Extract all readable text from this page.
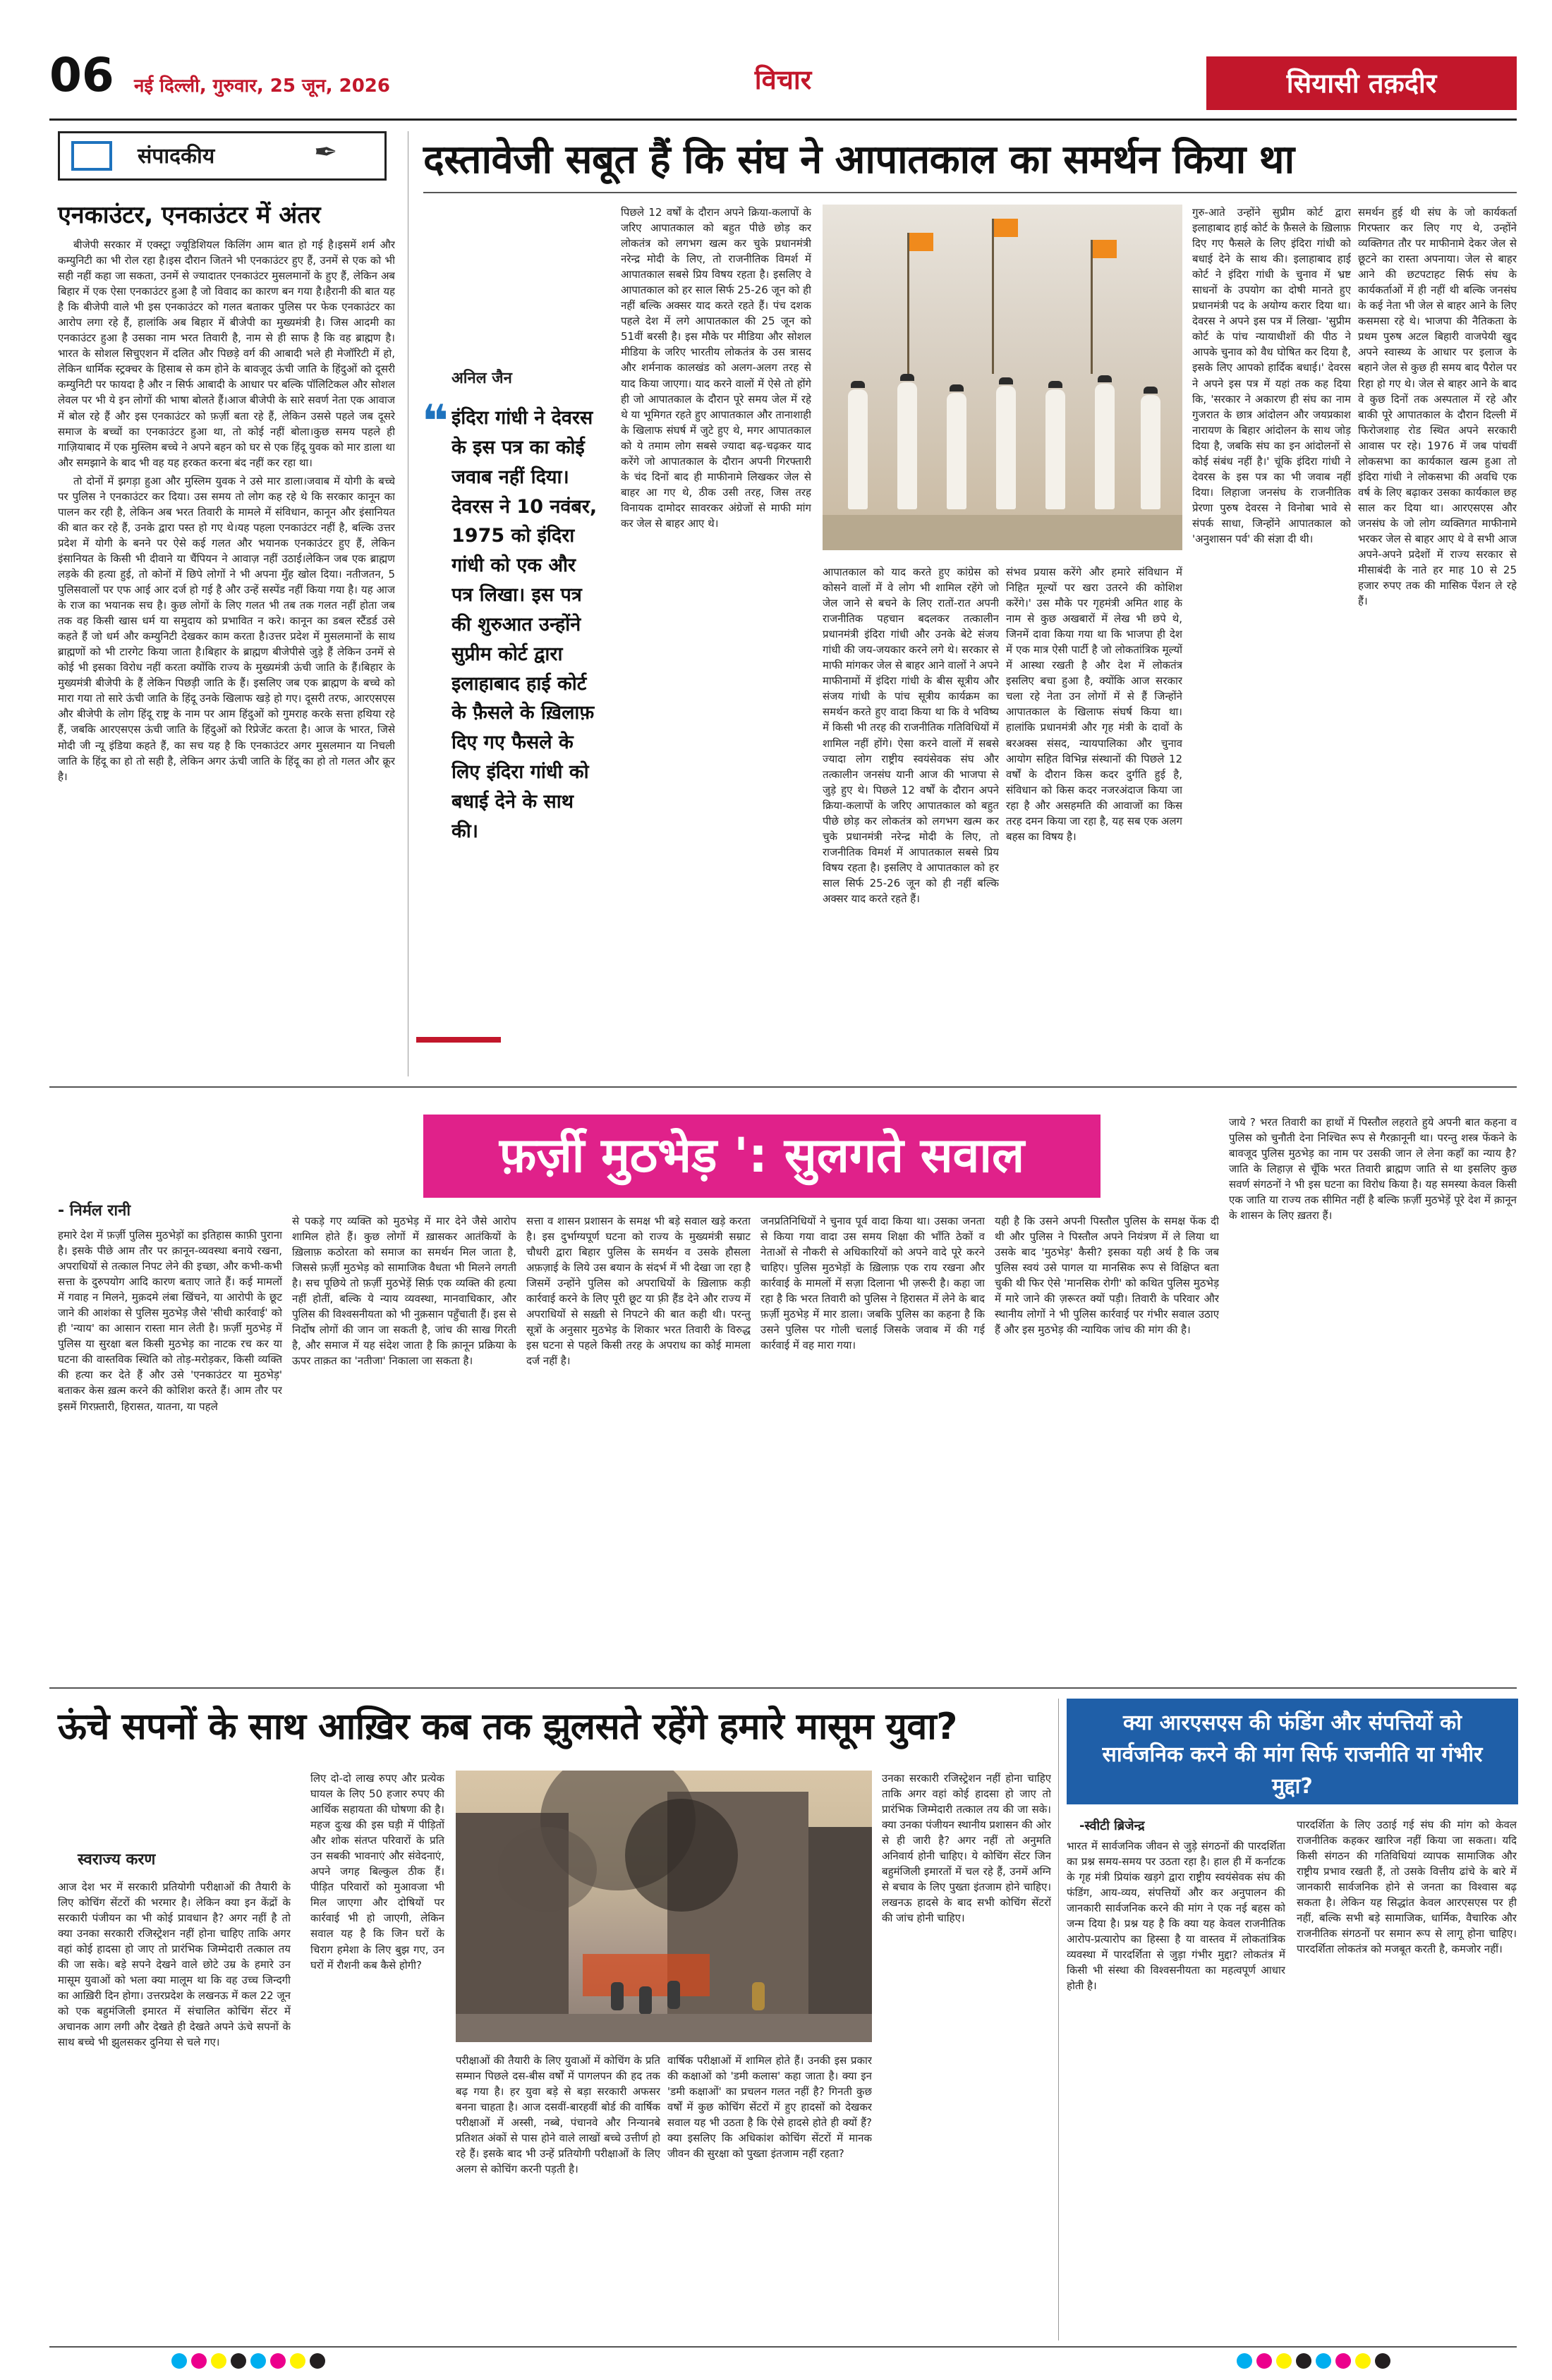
06 नई दिल्ली, गुरुवार, 25 जून, 2026	विचार	सियासी तक़दीर
संपादकीय	✒
एनकाउंटर, एनकाउंटर में अंतर

बीजेपी सरकार में एक्स्ट्रा ज्यूडिशियल किलिंग आम बात हो गई है।इसमें शर्म और कम्युनिटी का भी रोल रहा है।इस दौरान जितने भी एनकाउंटर हुए हैं, उनमें से एक को भी सही नहीं कहा जा सकता, उनमें से ज्यादातर एनकाउंटर मुसलमानों के हुए हैं, लेकिन अब बिहार में एक ऐसा एनकाउंटर हुआ है जो विवाद का कारण बन गया है।हैरानी की बात यह है कि बीजेपी वाले भी इस एनकाउंटर को गलत बताकर पुलिस पर फेक एनकाउंटर का आरोप लगा रहे हैं, हालांकि अब बिहार में बीजेपी का मुख्यमंत्री है। जिस आदमी का एनकाउंटर हुआ है उसका नाम भरत तिवारी है, नाम से ही साफ है कि वह ब्राह्मण है। भारत के सोशल सिचुएशन में दलित और पिछड़े वर्ग की आबादी भले ही मेजॉरिटी में हो, लेकिन धार्मिक स्ट्रक्चर के हिसाब से कम होने के बावजूद ऊंची जाति के हिंदुओं को दूसरी कम्युनिटी पर फायदा है और न सिर्फ आबादी के आधार पर बल्कि पॉलिटिकल और सोशल लेवल पर भी ये इन लोगों की भाषा बोलते हैं।आज बीजेपी के सारे सवर्ण नेता एक आवाज में बोल रहे हैं और इस एनकाउंटर को फ़र्ज़ी बता रहे हैं, लेकिन उससे पहले जब दूसरे समाज के बच्चों का एनकाउंटर हुआ था, तो कोई नहीं बोला।कुछ समय पहले ही गाज़ियाबाद में एक मुस्लिम बच्चे ने अपने बहन को घर से एक हिंदू युवक को मार डाला था और समझाने के बाद भी वह यह हरकत करना बंद नहीं कर रहा था।

तो दोनों में झगड़ा हुआ और मुस्लिम युवक ने उसे मार डाला।जवाब में योगी के बच्चे पर पुलिस ने एनकाउंटर कर दिया। उस समय तो लोग कह रहे थे कि सरकार कानून का पालन कर रही है, लेकिन अब भरत तिवारी के मामले में संविधान, कानून और इंसानियत की बात कर रहे हैं, उनके द्वारा पस्त हो गए थे।यह पहला एनकाउंटर नहीं है, बल्कि उत्तर प्रदेश में योगी के बनने पर ऐसे कई गलत और भयानक एनकाउंटर हुए हैं, लेकिन इंसानियत के किसी भी दीवाने या चैंपियन ने आवाज़ नहीं उठाई।लेकिन जब एक ब्राह्मण लड़के की हत्या हुई, तो कोनों में छिपे लोगों ने भी अपना मुँह खोल दिया। नतीजतन, 5 पुलिसवालों पर एफ आई आर दर्ज हो गई है और उन्हें सस्पेंड नहीं किया गया है। यह आज के राज का भयानक सच है। कुछ लोगों के लिए गलत भी तब तक गलत नहीं होता जब तक वह किसी खास धर्म या समुदाय को प्रभावित न करे। कानून का डबल स्टैंडर्ड उसे कहते हैं जो धर्म और कम्युनिटी देखकर काम करता है।उत्तर प्रदेश में मुसलमानों के साथ ब्राह्मणों को भी टारगेट किया जाता है।बिहार के ब्राह्मण बीजेपीसे जुड़े हैं लेकिन उनमें से कोई भी इसका विरोध नहीं करता क्योंकि राज्य के मुख्यमंत्री ऊंची जाति के हैं।बिहार के मुख्यमंत्री बीजेपी के हैं लेकिन पिछड़ी जाति के हैं। इसलिए जब एक ब्राह्मण के बच्चे को मारा गया तो सारे ऊंची जाति के हिंदू उनके खिलाफ खड़े हो गए। दूसरी तरफ, आरएसएस और बीजेपी के लोग हिंदू राष्ट्र के नाम पर आम हिंदुओं को गुमराह करके सत्ता हथिया रहे हैं, जबकि आरएसएस ऊंची जाति के हिंदुओं को रिप्रेजेंट करता है। आज के भारत, जिसे मोदी जी न्यू इंडिया कहते हैं, का सच यह है कि एनकाउंटर अगर मुसलमान या निचली जाति के हिंदू का हो तो सही है, लेकिन अगर ऊंची जाति के हिंदू का हो तो गलत और क्रूर है।

दस्तावेजी सबूत हैं कि संघ ने आपातकाल का समर्थन किया था
अनिल जैन
❝ इंदिरा गांधी ने देवरस के इस पत्र का कोई जवाब नहीं दिया। देवरस ने 10 नवंबर, 1975 को इंदिरा गांधी को एक और पत्र लिखा। इस पत्र की शुरुआत उन्होंने सुप्रीम कोर्ट द्वारा इलाहाबाद हाई कोर्ट के फ़ैसले के ख़िलाफ़ दिए गए फैसले के लिए इंदिरा गांधी को बधाई देने के साथ की।
पिछले 12 वर्षों के दौरान अपने क्रिया-कलापों के जरिए आपातकाल को बहुत पीछे छोड़ कर लोकतंत्र को लगभग खत्म कर चुके प्रधानमंत्री नरेन्द्र मोदी के लिए, तो राजनीतिक विमर्श में आपातकाल सबसे प्रिय विषय रहता है। इसलिए वे आपातकाल को हर साल सिर्फ 25-26 जून को ही नहीं बल्कि अक्सर याद करते रहते हैं। पंच दशक पहले देश में लगे आपातकाल की 25 जून को 51वीं बरसी है। इस मौके पर मीडिया और सोशल मीडिया के जरिए भारतीय लोकतंत्र के उस त्रासद और शर्मनाक कालखंड को अलग-अलग तरह से याद किया जाएगा। याद करने वालों में ऐसे तो होंगे ही जो आपातकाल के दौरान पूरे समय जेल में रहे थे या भूमिगत रहते हुए आपातकाल और तानाशाही के खिलाफ संघर्ष में जुटे हुए थे, मगर आपातकाल को ये तमाम लोग सबसे ज्यादा बढ़-चढ़कर याद करेंगे जो आपातकाल के दौरान अपनी गिरफ्तारी के चंद दिनों बाद ही माफीनामे लिखकर जेल से बाहर आ गए थे, ठीक उसी तरह, जिस तरह विनायक दामोदर सावरकर अंग्रेजों से माफी मांग कर जेल से बाहर आए थे।
आपातकाल को याद करते हुए कांग्रेस को कोसने वालों में वे लोग भी शामिल रहेंगे जो जेल जाने से बचने के लिए रातों-रात अपनी राजनीतिक पहचान बदलकर तत्कालीन प्रधानमंत्री इंदिरा गांधी और उनके बेटे संजय गांधी की जय-जयकार करने लगे थे। सरकार से माफी मांगकर जेल से बाहर आने वालों ने अपने माफीनामों में इंदिरा गांधी के बीस सूत्रीय और संजय गांधी के पांच सूत्रीय कार्यक्रम का समर्थन करते हुए वादा किया था कि वे भविष्य में किसी भी तरह की राजनीतिक गतिविधियों में शामिल नहीं होंगे। ऐसा करने वालों में सबसे ज्यादा लोग राष्ट्रीय स्वयंसेवक संघ और तत्कालीन जनसंघ यानी आज की भाजपा से जुड़े हुए थे। पिछले 12 वर्षों के दौरान अपने क्रिया-कलापों के जरिए आपातकाल को बहुत पीछे छोड़ कर लोकतंत्र को लगभग खत्म कर चुके प्रधानमंत्री नरेन्द्र मोदी के लिए, तो राजनीतिक विमर्श में आपातकाल सबसे प्रिय विषय रहता है। इसलिए वे आपातकाल को हर साल सिर्फ 25-26 जून को ही नहीं बल्कि अक्सर याद करते रहते हैं।
संभव प्रयास करेंगे और हमारे संविधान में निहित मूल्यों पर खरा उतरने की कोशिश करेंगे।' उस मौके पर गृहमंत्री अमित शाह के नाम से कुछ अखबारों में लेख भी छपे थे, जिनमें दावा किया गया था कि भाजपा ही देश में एक मात्र ऐसी पार्टी है जो लोकतांत्रिक मूल्यों में आस्था रखती है और देश में लोकतंत्र इसलिए बचा हुआ है, क्योंकि आज सरकार चला रहे नेता उन लोगों में से हैं जिन्होंने आपातकाल के खिलाफ संघर्ष किया था। हालांकि प्रधानमंत्री और गृह मंत्री के दावों के बरअक्स संसद, न्यायपालिका और चुनाव आयोग सहित विभिन्न संस्थानों की पिछले 12 वर्षों के दौरान किस कदर दुर्गति हुई है, संविधान को किस कदर नजरअंदाज किया जा रहा है और असहमति की आवाजों का किस तरह दमन किया जा रहा है, यह सब एक अलग बहस का विषय है।
गुरु-आते उन्होंने सुप्रीम कोर्ट द्वारा इलाहाबाद हाई कोर्ट के फ़ैसले के ख़िलाफ़ दिए गए फैसले के लिए इंदिरा गांधी को बधाई देने के साथ की। इलाहाबाद हाई कोर्ट ने इंदिरा गांधी के चुनाव में भ्रष्ट साधनों के उपयोग का दोषी मानते हुए प्रधानमंत्री पद के अयोग्य करार दिया था। देवरस ने अपने इस पत्र में लिखा- 'सुप्रीम कोर्ट के पांच न्यायाधीशों की पीठ ने आपके चुनाव को वैध घोषित कर दिया है, इसके लिए आपको हार्दिक बधाई।' देवरस ने अपने इस पत्र में यहां तक कह दिया कि, 'सरकार ने अकारण ही संघ का नाम गुजरात के छात्र आंदोलन और जयप्रकाश नारायण के बिहार आंदोलन के साथ जोड़ दिया है, जबकि संघ का इन आंदोलनों से कोई संबंध नहीं है।' चूंकि इंदिरा गांधी ने देवरस के इस पत्र का भी जवाब नहीं दिया। लिहाजा जनसंघ के राजनीतिक प्रेरणा पुरुष देवरस ने विनोबा भावे से संपर्क साधा, जिन्होंने आपातकाल को 'अनुशासन पर्व' की संज्ञा दी थी।
समर्थन हुई थी संघ के जो कार्यकर्ता गिरफ्तार कर लिए गए थे, उन्होंने व्यक्तिगत तौर पर माफीनामे देकर जेल से छूटने का रास्ता अपनाया। जेल से बाहर आने की छटपटाहट सिर्फ संघ के कार्यकर्ताओं में ही नहीं थी बल्कि जनसंघ के कई नेता भी जेल से बाहर आने के लिए कसमसा रहे थे। भाजपा की नैतिकता के प्रथम पुरुष अटल बिहारी वाजपेयी खुद अपने स्वास्थ्य के आधार पर इलाज के बहाने जेल से कुछ ही समय बाद पैरोल पर रिहा हो गए थे। जेल से बाहर आने के बाद वे कुछ दिनों तक अस्पताल में रहे और बाकी पूरे आपातकाल के दौरान दिल्ली में फिरोजशाह रोड स्थित अपने सरकारी आवास पर रहे। 1976 में जब पांचवीं लोकसभा का कार्यकाल खत्म हुआ तो इंदिरा गांधी ने लोकसभा की अवधि एक वर्ष के लिए बढ़ाकर उसका कार्यकाल छह साल कर दिया था। आरएसएस और जनसंघ के जो लोग व्यक्तिगत माफीनामे भरकर जेल से बाहर आए थे वे सभी आज अपने-अपने प्रदेशों में राज्य सरकार से मीसाबंदी के नाते हर माह 10 से 25 हजार रुपए तक की मासिक पेंशन ले रहे हैं।
फ़र्ज़ी मुठभेड़ ': सुलगते सवाल
- निर्मल रानी
हमारे देश में फ़र्ज़ी पुलिस मुठभेड़ों का इतिहास काफ़ी पुराना है। इसके पीछे आम तौर पर क़ानून-व्यवस्था बनाये रखना, अपराधियों से तत्काल निपट लेने की इच्छा, और कभी-कभी सत्ता के दुरुपयोग आदि कारण बताए जाते हैं। कई मामलों में गवाह न मिलने, मुक़दमे लंबा खिंचने, या आरोपी के छूट जाने की आशंका से पुलिस मुठभेड़ जैसे 'सीधी कार्रवाई' को ही 'न्याय' का आसान रास्ता मान लेती है। फ़र्ज़ी मुठभेड़ में पुलिस या सुरक्षा बल किसी मुठभेड़ का नाटक रच कर या घटना की वास्तविक स्थिति को तोड़-मरोड़कर, किसी व्यक्ति की हत्या कर देते हैं और उसे 'एनकाउंटर या मुठभेड़' बताकर केस ख़त्म करने की कोशिश करते हैं। आम तौर पर इसमें गिरफ़्तारी, हिरासत, यातना, या पहले
से पकड़े गए व्यक्ति को मुठभेड़ में मार देने जैसे आरोप शामिल होते हैं। कुछ लोगों में ख़ासकर आतंकियों के ख़िलाफ़ कठोरता को समाज का समर्थन मिल जाता है, जिससे फ़र्ज़ी मुठभेड़ को सामाजिक वैधता भी मिलने लगती है। सच पूछिये तो फ़र्ज़ी मुठभेड़ें सिर्फ़ एक व्यक्ति की हत्या नहीं होतीं, बल्कि ये न्याय व्यवस्था, मानवाधिकार, और पुलिस की विश्वसनीयता को भी नुक़सान पहुँचाती हैं। इस से निर्दोष लोगों की जान जा सकती है, जांच की साख गिरती है, और समाज में यह संदेश जाता है कि क़ानून प्रक्रिया के ऊपर ताक़त का 'नतीजा' निकाला जा सकता है।
सत्ता व शासन प्रशासन के समक्ष भी बड़े सवाल खड़े करता है। इस दुर्भाग्यपूर्ण घटना को राज्य के मुख्यमंत्री सम्राट चौधरी द्वारा बिहार पुलिस के समर्थन व उसके हौसला अफ़ज़ाई के लिये उस बयान के संदर्भ में भी देखा जा रहा है जिसमें उन्होंने पुलिस को अपराधियों के ख़िलाफ़ कड़ी कार्रवाई करने के लिए पूरी छूट या फ़्री हैंड देने और राज्य में अपराधियों से सख़्ती से निपटने की बात कही थी। परन्तु सूत्रों के अनुसार मुठभेड़ के शिकार भरत तिवारी के विरुद्ध इस घटना से पहले किसी तरह के अपराध का कोई मामला दर्ज नहीं है।
जनप्रतिनिधियों ने चुनाव पूर्व वादा किया था। उसका जनता से किया गया वादा उस समय शिक्षा की भाँति ठेकों व नेताओं से नौकरी से अधिकारियों को अपने वादे पूरे करने चाहिए। पुलिस मुठभेड़ों के ख़िलाफ़ एक राय रखना और कार्रवाई के मामलों में सज़ा दिलाना भी ज़रूरी है। कहा जा रहा है कि भरत तिवारी को पुलिस ने हिरासत में लेने के बाद फ़र्ज़ी मुठभेड़ में मार डाला। जबकि पुलिस का कहना है कि उसने पुलिस पर गोली चलाई जिसके जवाब में की गई कार्रवाई में वह मारा गया।
यही है कि उसने अपनी पिस्तौल पुलिस के समक्ष फेंक दी थी और पुलिस ने पिस्तौल अपने नियंत्रण में ले लिया था उसके बाद 'मुठभेड़' कैसी? इसका यही अर्थ है कि जब पुलिस स्वयं उसे पागल या मानसिक रूप से विक्षिप्त बता चुकी थी फिर ऐसे 'मानसिक रोगी' को कथित पुलिस मुठभेड़ में मारे जाने की ज़रूरत क्यों पड़ी। तिवारी के परिवार और स्थानीय लोगों ने भी पुलिस कार्रवाई पर गंभीर सवाल उठाए हैं और इस मुठभेड़ की न्यायिक जांच की मांग की है।
जाये ? भरत तिवारी का हाथों में पिस्तौल लहराते हुये अपनी बात कहना व पुलिस को चुनौती देना निश्चित रूप से गैरक़ानूनी था। परन्तु शस्त्र फेंकने के बावजूद पुलिस मुठभेड़ का नाम पर उसकी जान ले लेना कहाँ का न्याय है? जाति के लिहाज़ से चूँकि भरत तिवारी ब्राह्मण जाति से था इसलिए कुछ सवर्ण संगठनों ने भी इस घटना का विरोध किया है। यह समस्या केवल किसी एक जाति या राज्य तक सीमित नहीं है बल्कि फ़र्ज़ी मुठभेड़ें पूरे देश में क़ानून के शासन के लिए ख़तरा हैं।
ऊंचे सपनों के साथ आख़िर कब तक झुलसते रहेंगे हमारे मासूम युवा?
स्वराज्य करण
आज देश भर में सरकारी प्रतियोगी परीक्षाओं की तैयारी के लिए कोचिंग सेंटरों की भरमार है। लेकिन क्या इन केंद्रों के सरकारी पंजीयन का भी कोई प्रावधान है? अगर नहीं है तो क्या उनका सरकारी रजिस्ट्रेशन नहीं होना चाहिए ताकि अगर वहां कोई हादसा हो जाए तो प्रारंभिक जिम्मेदारी तत्काल तय की जा सके। बड़े सपने देखने वाले छोटे उम्र के हमारे उन मासूम युवाओं को भला क्या मालूम था कि वह उच्च जिन्दगी का आख़िरी दिन होगा। उत्तरप्रदेश के लखनऊ में कल 22 जून को एक बहुमंजिली इमारत में संचालित कोचिंग सेंटर में अचानक आग लगी और देखते ही देखते अपने ऊंचे सपनों के साथ बच्चे भी झुलसकर दुनिया से चले गए।
लिए दो-दो लाख रुपए और प्रत्येक घायल के लिए 50 हजार रुपए की आर्थिक सहायता की घोषणा की है। महज दुःख की इस घड़ी में पीड़ितों और शोक संतप्त परिवारों के प्रति उन सबकी भावनाएं और संवेदनाएं, अपने जगह बिल्कुल ठीक हैं। पीड़ित परिवारों को मुआवजा भी मिल जाएगा और दोषियों पर कार्रवाई भी हो जाएगी, लेकिन सवाल यह है कि जिन घरों के चिराग हमेशा के लिए बुझ गए, उन घरों में रौशनी कब कैसे होगी?
परीक्षाओं की तैयारी के लिए युवाओं में कोचिंग के प्रति सम्मान पिछले दस-बीस वर्षों में पागलपन की हद तक बढ़ गया है। हर युवा बड़े से बड़ा सरकारी अफसर बनना चाहता है। आज दसवीं-बारहवीं बोर्ड की वार्षिक परीक्षाओं में अस्सी, नब्बे, पंचानवे और निन्यानबे प्रतिशत अंकों से पास होने वाले लाखों बच्चे उत्तीर्ण हो रहे हैं। इसके बाद भी उन्हें प्रतियोगी परीक्षाओं के लिए अलग से कोचिंग करनी पड़ती है।
वार्षिक परीक्षाओं में शामिल होते हैं। उनकी इस प्रकार की कक्षाओं को 'डमी कलास' कहा जाता है। क्या इन 'डमी कक्षाओं' का प्रचलन गलत नहीं है? गिनती कुछ वर्षों में कुछ कोचिंग सेंटरों में हुए हादसों को देखकर सवाल यह भी उठता है कि ऐसे हादसे होते ही क्यों हैं? क्या इसलिए कि अधिकांश कोचिंग सेंटरों में मानक जीवन की सुरक्षा को पुख्ता इंतजाम नहीं रहता?
उनका सरकारी रजिस्ट्रेशन नहीं होना चाहिए ताकि अगर वहां कोई हादसा हो जाए तो प्रारंभिक जिम्मेदारी तत्काल तय की जा सके। क्या उनका पंजीयन स्थानीय प्रशासन की ओर से ही जारी है? अगर नहीं तो अनुमति अनिवार्य होनी चाहिए। ये कोचिंग सेंटर जिन बहुमंजिली इमारतों में चल रहे हैं, उनमें अग्नि से बचाव के लिए पुख्ता इंतजाम होने चाहिए। लखनऊ हादसे के बाद सभी कोचिंग सेंटरों की जांच होनी चाहिए।
क्या आरएसएस की फंडिंग और संपत्तियों को सार्वजनिक करने की मांग सिर्फ राजनीति या गंभीर मुद्दा?
-स्वीटी ब्रिजेन्द्र
भारत में सार्वजनिक जीवन से जुड़े संगठनों की पारदर्शिता का प्रश्न समय-समय पर उठता रहा है। हाल ही में कर्नाटक के गृह मंत्री प्रियांक खड़गे द्वारा राष्ट्रीय स्वयंसेवक संघ की फंडिंग, आय-व्यय, संपत्तियों और कर अनुपालन की जानकारी सार्वजनिक करने की मांग ने एक नई बहस को जन्म दिया है। प्रश्न यह है कि क्या यह केवल राजनीतिक आरोप-प्रत्यारोप का हिस्सा है या वास्तव में लोकतांत्रिक व्यवस्था में पारदर्शिता से जुड़ा गंभीर मुद्दा? लोकतंत्र में किसी भी संस्था की विश्वसनीयता का महत्वपूर्ण आधार होती है।
पारदर्शिता के लिए उठाई गई संघ की मांग को केवल राजनीतिक कहकर खारिज नहीं किया जा सकता। यदि किसी संगठन की गतिविधियां व्यापक सामाजिक और राष्ट्रीय प्रभाव रखती हैं, तो उसके वित्तीय ढांचे के बारे में जानकारी सार्वजनिक होने से जनता का विश्वास बढ़ सकता है। लेकिन यह सिद्धांत केवल आरएसएस पर ही नहीं, बल्कि सभी बड़े सामाजिक, धार्मिक, वैचारिक और राजनीतिक संगठनों पर समान रूप से लागू होना चाहिए। पारदर्शिता लोकतंत्र को मजबूत करती है, कमजोर नहीं।
